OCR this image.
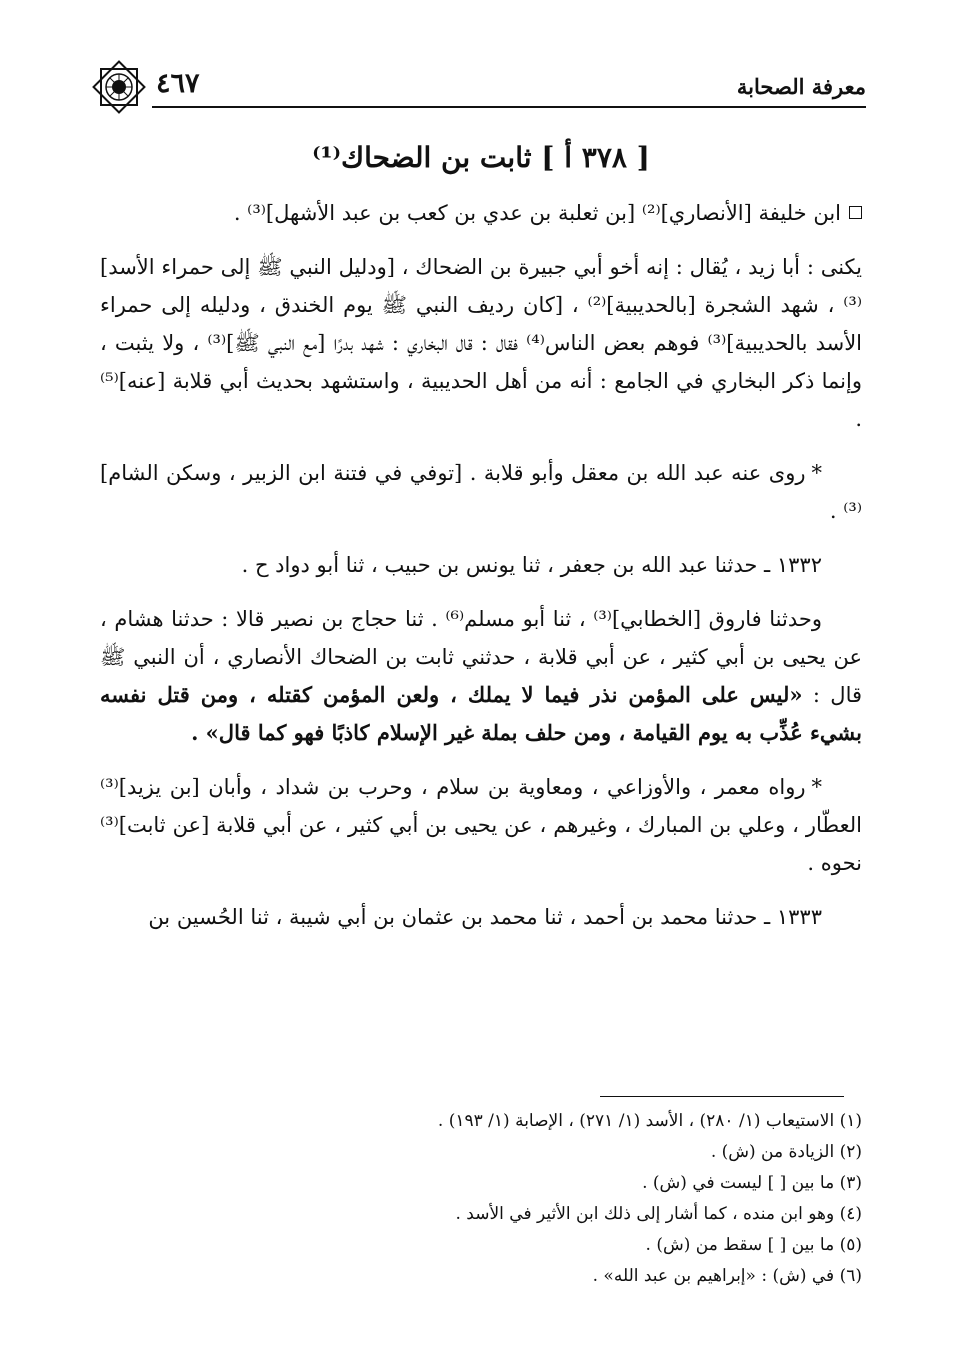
معرفة الصحابة
٤٦٧
[ ٣٧٨ أ ] ثابت بن الضحاك⁽¹⁾

ابن خليفة [الأنصاري]⁽²⁾ [بن ثعلبة بن عدي بن كعب بن عبد الأشهل]⁽³⁾ .

يكنى : أبا زيد ، يُقال : إنه أخو أبي جبيرة بن الضحاك ، [ودليل النبي ﷺ إلى حمراء الأسد]⁽³⁾ ، شهد الشجرة [بالحديبية]⁽²⁾ ، [كان رديف النبي ﷺ يوم الخندق ، ودليله إلى حمراء الأسد بالحديبية]⁽³⁾ فوهم بعض الناس⁽⁴⁾ فقال : قال البخاري : شهد بدرًا [مع النبي ﷺ]⁽³⁾ ، ولا يثبت ، وإنما ذكر البخاري في الجامع : أنه من أهل الحديبية ، واستشهد بحديث أبي قلابة [عنه]⁽⁵⁾ .

*روى عنه عبد الله بن معقل وأبو قلابة . [توفي في فتنة ابن الزبير ، وسكن الشام]⁽³⁾ .

١٣٣٢ ـ حدثنا عبد الله بن جعفر ، ثنا يونس بن حبيب ، ثنا أبو دواد ح .

وحدثنا فاروق [الخطابي]⁽³⁾ ، ثنا أبو مسلم⁽⁶⁾ . ثنا حجاج بن نصير قالا : حدثنا هشام ، عن يحيى بن أبي كثير ، عن أبي قلابة ، حدثني ثابت بن الضحاك الأنصاري ، أن النبي ﷺ قال : «ليس على المؤمن نذر فيما لا يملك ، ولعن المؤمن كقتله ، ومن قتل نفسه بشيء عُذِّب به يوم القيامة ، ومن حلف بملة غير الإسلام كاذبًا فهو كما قال» .

*رواه معمر ، والأوزاعي ، ومعاوية بن سلام ، وحرب بن شداد ، وأبان [بن يزيد]⁽³⁾ العطّار ، وعلي بن المبارك ، وغيرهم ، عن يحيى بن أبي كثير ، عن أبي قلابة [عن ثابت]⁽³⁾ نحوه .

١٣٣٣ ـ حدثنا محمد بن أحمد ، ثنا محمد بن عثمان بن أبي شيبة ، ثنا الحُسين بن

(١) الاستيعاب (١/ ٢٨٠) ، الأسد (١/ ٢٧١) ، الإصابة (١/ ١٩٣) .
(٢) الزيادة من (ش) .
(٣) ما بين [ ] ليست في (ش) .
(٤) وهو ابن منده ، كما أشار إلى ذلك ابن الأثير في الأسد .
(٥) ما بين [ ] سقط من (ش) .
(٦) في (ش) : «إبراهيم بن عبد الله» .
